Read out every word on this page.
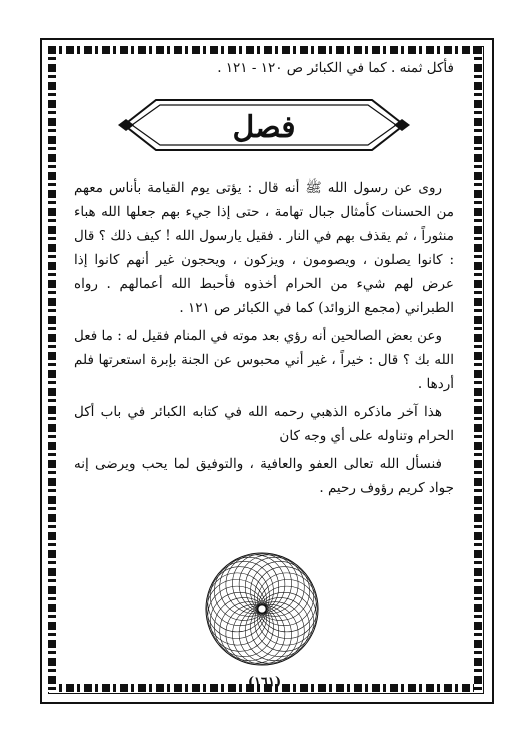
فأكل ثمنه . كما في الكبائر ص ١٢٠ - ١٢١ .

فصل

روى عن رسول الله ﷺ أنه قال : يؤتى يوم القيامة بأناس معهم من الحسنات كأمثال جبال تهامة ، حتى إذا جيء بهم جعلها الله هباء منثوراً ، ثم يقذف بهم في النار . فقيل يارسول الله ! كيف ذلك ؟ قال : كانوا يصلون ، ويصومون ، ويزكون ، ويحجون غير أنهم كانوا إذا عرض لهم شيء من الحرام أخذوه فأحبط الله أعمالهم . رواه الطبراني (مجمع الزوائد) كما في الكبائر ص ١٢١ .

وعن بعض الصالحين أنه رؤي بعد موته في المنام فقيل له : ما فعل الله بك ؟ قال : خيراً ، غير أني محبوس عن الجنة بإبرة استعرتها فلم أردها .

هذا آخر ماذكره الذهبي رحمه الله في كتابه الكبائر في باب أكل الحرام وتناوله على أي وجه كان

فنسأل الله تعالى العفو والعافية ، والتوفيق لما يحب ويرضى إنه جواد كريم رؤوف رحيم .

(١٦١)
